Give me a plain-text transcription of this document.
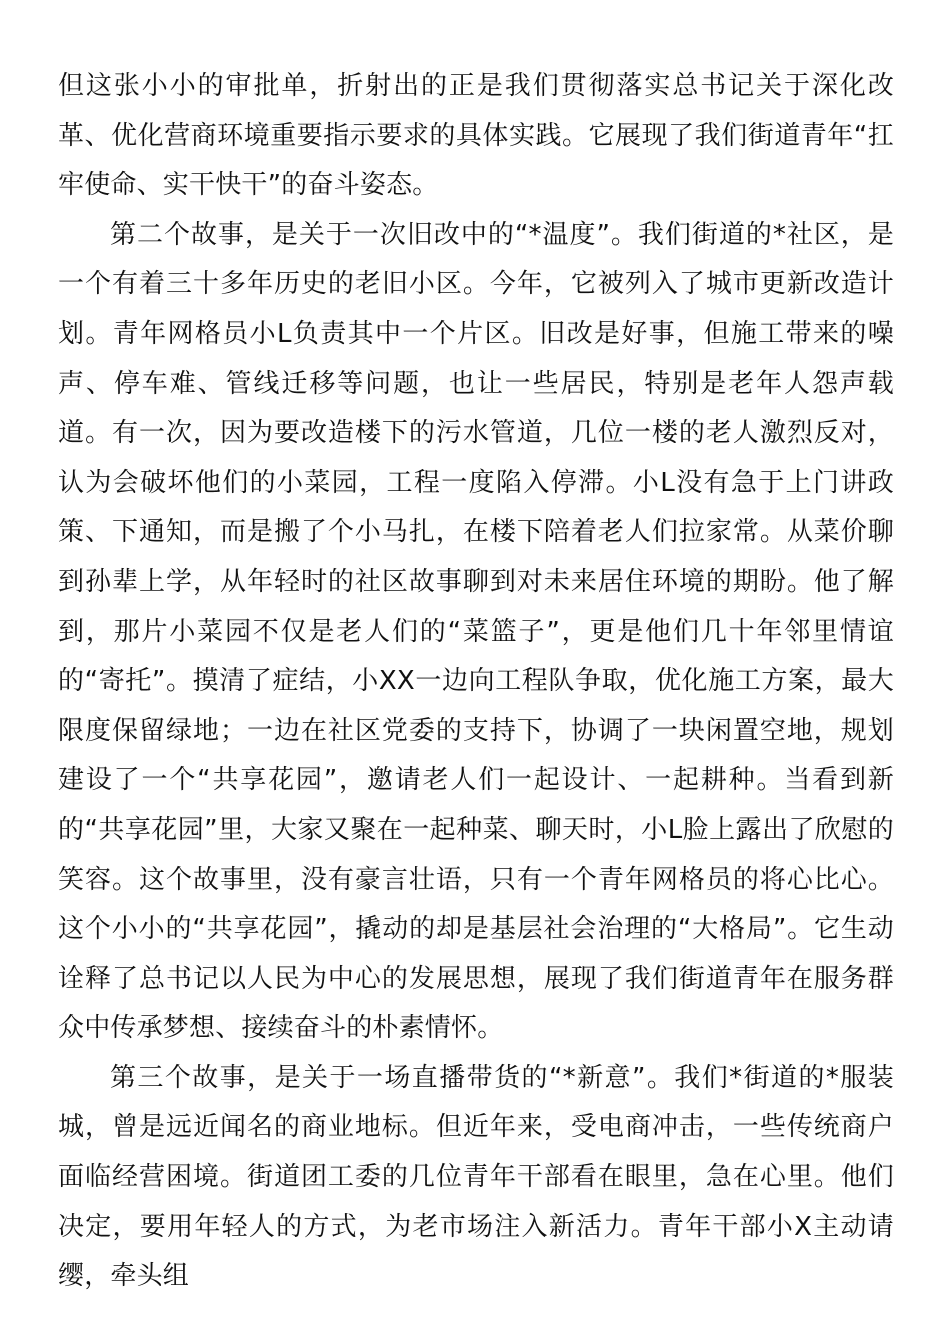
但这张小小的审批单，折射出的正是我们贯彻落实总书记关于深化改革、优化营商环境重要指示要求的具体实践。它展现了我们街道青年“扛牢使命、实干快干”的奋斗姿态。

第二个故事，是关于一次旧改中的“*温度”。我们街道的*社区，是一个有着三十多年历史的老旧小区。今年，它被列入了城市更新改造计划。青年网格员小L负责其中一个片区。旧改是好事，但施工带来的噪声、停车难、管线迁移等问题，也让一些居民，特别是老年人怨声载道。有一次，因为要改造楼下的污水管道，几位一楼的老人激烈反对，认为会破坏他们的小菜园，工程一度陷入停滞。小L没有急于上门讲政策、下通知，而是搬了个小马扎，在楼下陪着老人们拉家常。从菜价聊到孙辈上学，从年轻时的社区故事聊到对未来居住环境的期盼。他了解到，那片小菜园不仅是老人们的“菜篮子”，更是他们几十年邻里情谊的“寄托”。摸清了症结，小XX一边向工程队争取，优化施工方案，最大限度保留绿地；一边在社区党委的支持下，协调了一块闲置空地，规划建设了一个“共享花园”，邀请老人们一起设计、一起耕种。当看到新的“共享花园”里，大家又聚在一起种菜、聊天时，小L脸上露出了欣慰的笑容。这个故事里，没有豪言壮语，只有一个青年网格员的将心比心。这个小小的“共享花园”，撬动的却是基层社会治理的“大格局”。它生动诠释了总书记以人民为中心的发展思想，展现了我们街道青年在服务群众中传承梦想、接续奋斗的朴素情怀。

第三个故事，是关于一场直播带货的“*新意”。我们*街道的*服装城，曾是远近闻名的商业地标。但近年来，受电商冲击，一些传统商户面临经营困境。街道团工委的几位青年干部看在眼里，急在心里。他们决定，要用年轻人的方式，为老市场注入新活力。青年干部小X主动请缨，牵头组
